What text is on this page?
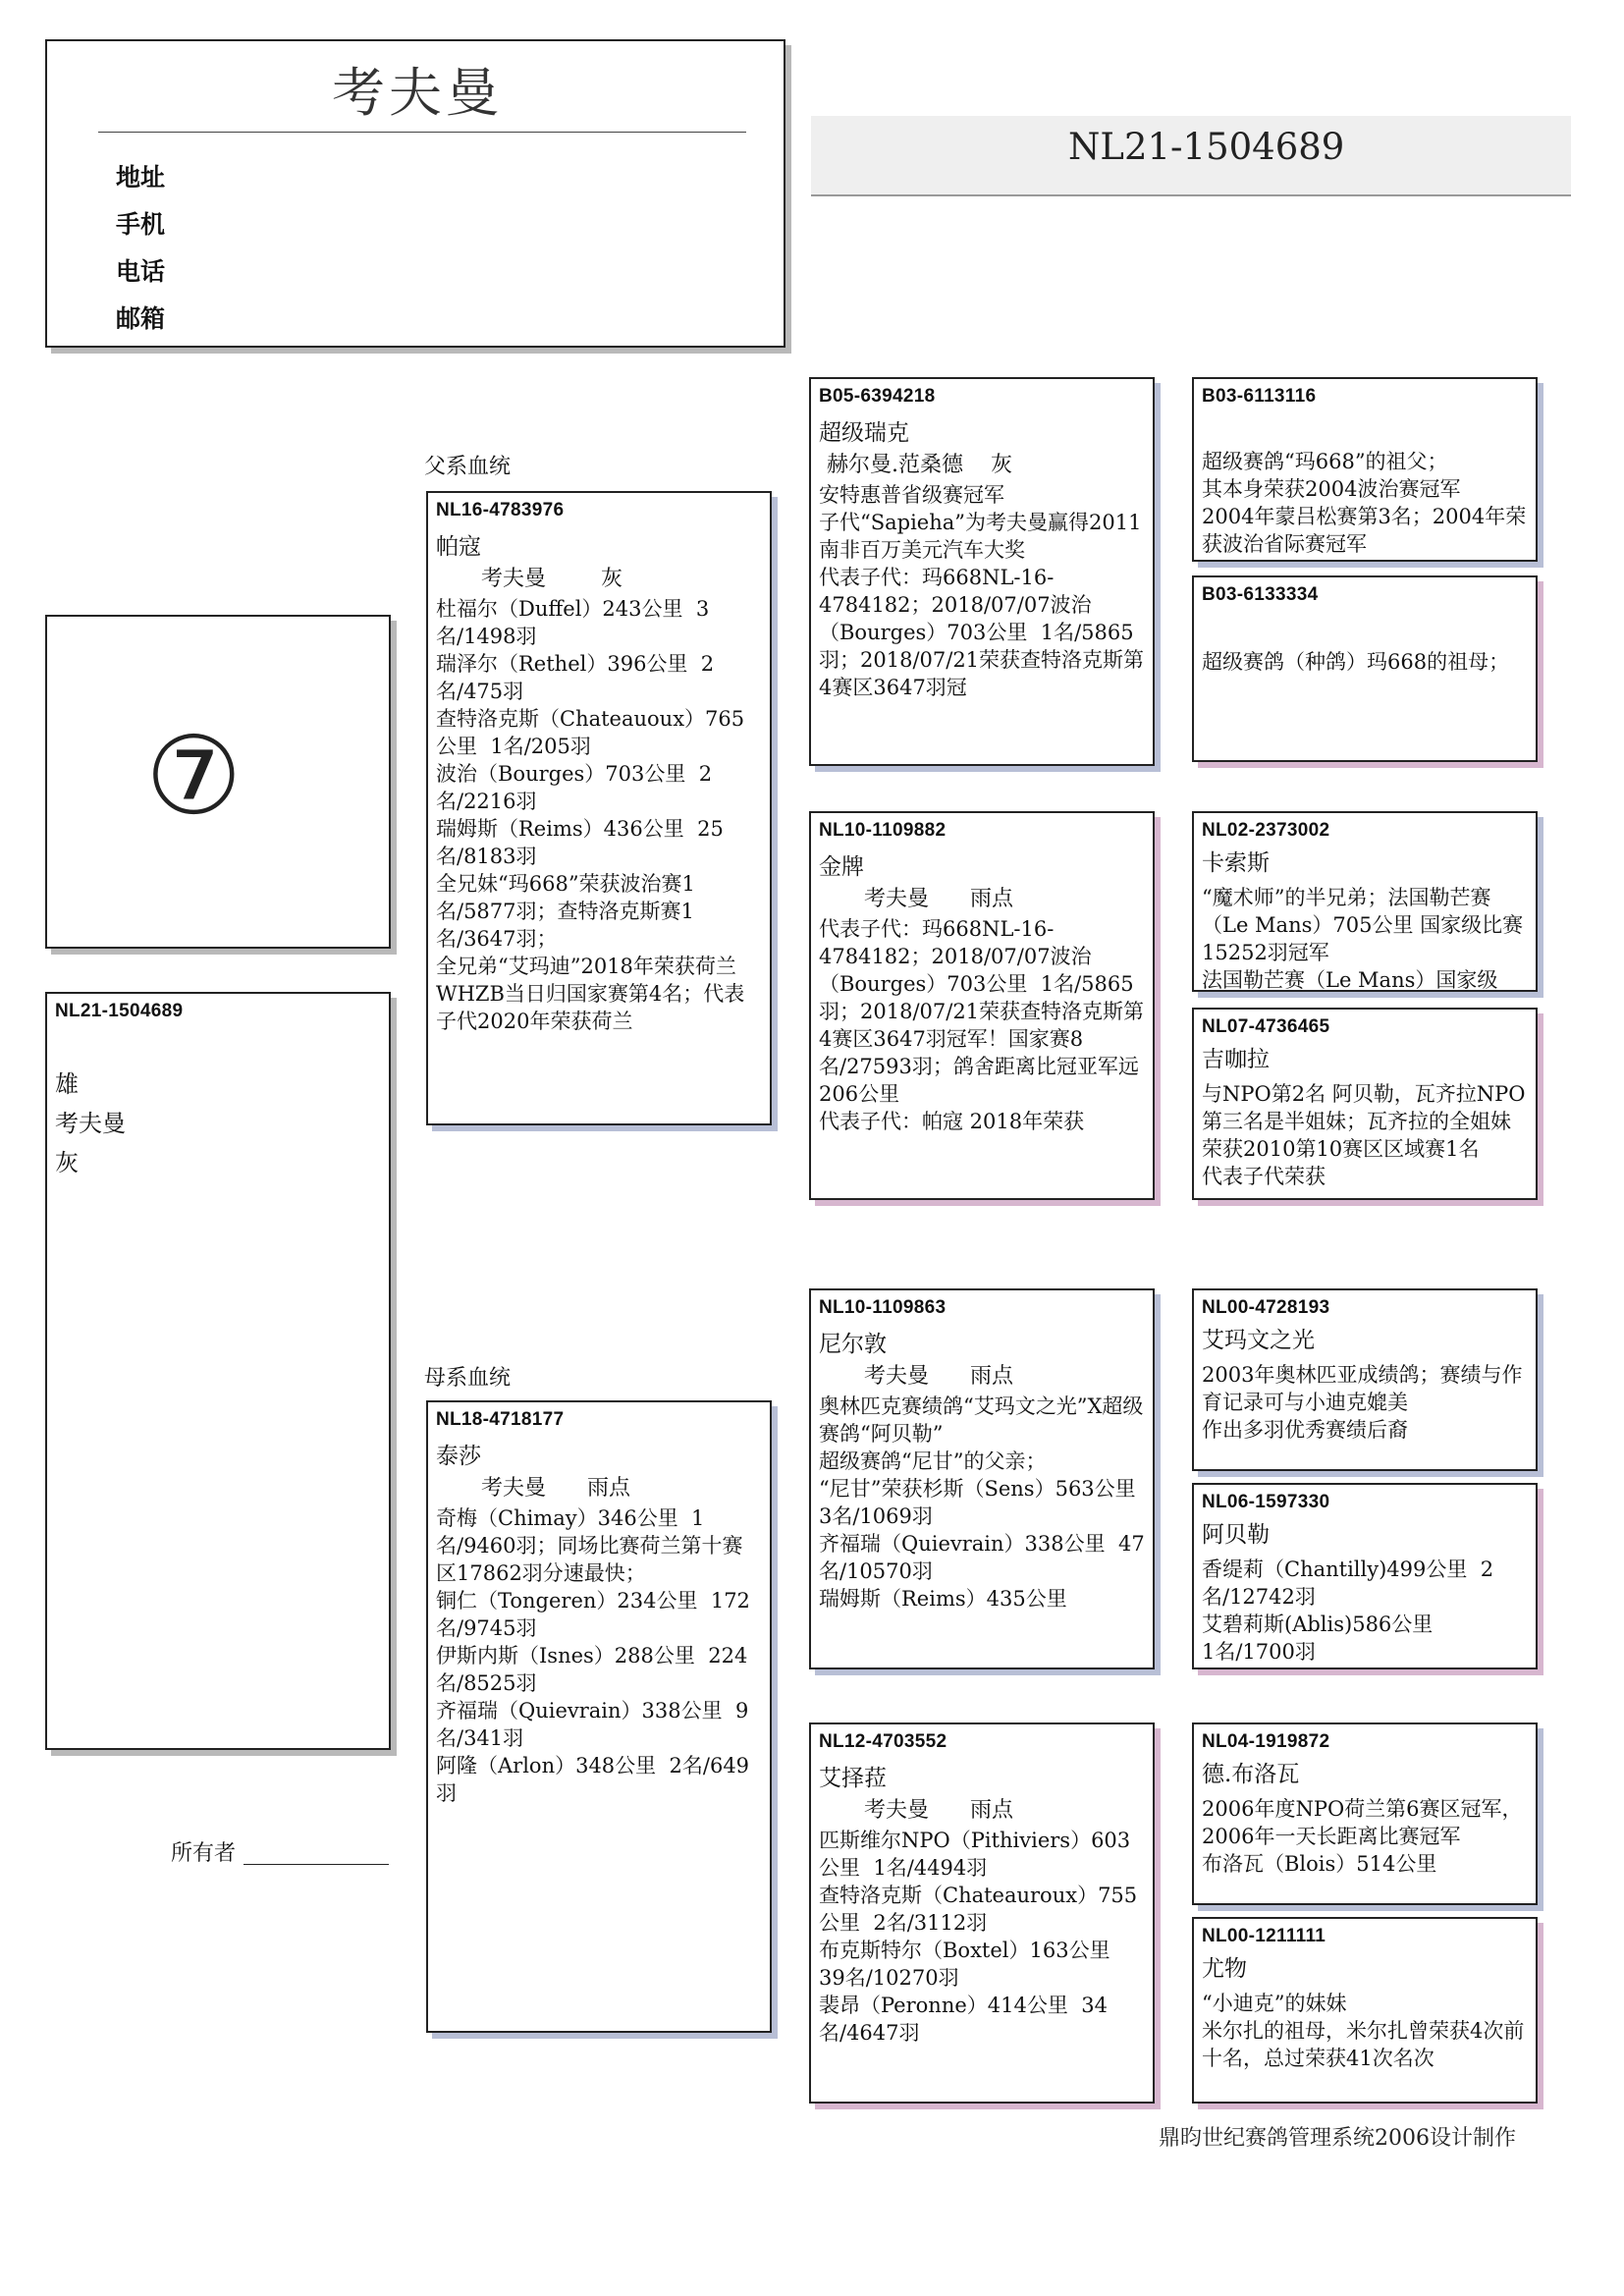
考夫曼
地址
手机
电话
邮箱
NL21-1504689
⑦
NL21-1504689
雄
考夫曼
灰
所有者
父系血统
母系血统
NL16-4783976
帕寇
考夫曼        灰
杜福尔（Duffel）243公里  3名/1498羽
瑞泽尔（Rethel）396公里  2名/475羽
查特洛克斯（Chateauoux）765公里  1名/205羽
波治（Bourges）703公里  2名/2216羽
瑞姆斯（Reims）436公里  25名/8183羽
全兄妹“玛668”荣获波治赛1名/5877羽；查特洛克斯赛1名/3647羽；
全兄弟“艾玛迪”2018年荣获荷兰WHZB当日归国家赛第4名；代表子代2020年荣获荷兰
NL18-4718177
泰莎
考夫曼      雨点
奇梅（Chimay）346公里  1名/9460羽；同场比赛荷兰第十赛区17862羽分速最快；
铜仁（Tongeren）234公里  172名/9745羽
伊斯内斯（Isnes）288公里  224名/8525羽
齐福瑞（Quievrain）338公里  9名/341羽
阿隆（Arlon）348公里  2名/649羽
B05-6394218
超级瑞克
赫尔曼.范桑德    灰
安特惠普省级赛冠军
子代“Sapieha”为考夫曼赢得2011南非百万美元汽车大奖
代表子代：玛668NL-16-4784182；2018/07/07波治（Bourges）703公里  1名/5865羽；2018/07/21荣获查特洛克斯第4赛区3647羽冠
NL10-1109882
金牌
考夫曼      雨点
代表子代：玛668NL-16-4784182；2018/07/07波治（Bourges）703公里  1名/5865羽；2018/07/21荣获查特洛克斯第4赛区3647羽冠军！国家赛8名/27593羽；鸽舍距离比冠亚军远206公里
代表子代：帕寇 2018年荣获
NL10-1109863
尼尔敦
考夫曼      雨点
奥林匹克赛绩鸽“艾玛文之光”X超级赛鸽“阿贝勒”
超级赛鸽“尼甘”的父亲；
“尼甘”荣获杉斯（Sens）563公里  3名/1069羽
齐福瑞（Quievrain）338公里  47名/10570羽
瑞姆斯（Reims）435公里
NL12-4703552
艾择菈
考夫曼      雨点
匹斯维尔NPO（Pithiviers）603公里  1名/4494羽
查特洛克斯（Chateauroux）755公里  2名/3112羽
布克斯特尔（Boxtel）163公里  39名/10270羽
裴昂（Peronne）414公里  34名/4647羽
B03-6113116
超级赛鸽“玛668”的祖父；
其本身荣获2004波治赛冠军
2004年蒙吕松赛第3名；2004年荣获波治省际赛冠军
B03-6133334
超级赛鸽（种鸽）玛668的祖母；
NL02-2373002
卡索斯
“魔术师”的半兄弟；法国勒芒赛（Le Mans）705公里 国家级比赛15252羽冠军
法国勒芒赛（Le Mans）国家级
NL07-4736465
吉咖拉
与NPO第2名 阿贝勒，瓦齐拉NPO第三名是半姐妹；瓦齐拉的全姐妹荣获2010第10赛区区域赛1名
代表子代荣获
NL00-4728193
艾玛文之光
2003年奥林匹亚成绩鸽；赛绩与作育记录可与小迪克媲美
作出多羽优秀赛绩后裔
NL06-1597330
阿贝勒
香缇莉（Chantilly)499公里  2名/12742羽
艾碧莉斯(Ablis)586公里
1名/1700羽
NL04-1919872
德.布洛瓦
2006年度NPO荷兰第6赛区冠军，2006年一天长距离比赛冠军
布洛瓦（Blois）514公里
NL00-1211111
尤物
“小迪克”的妹妹
米尔扎的祖母，米尔扎曾荣获4次前十名，总过荣获41次名次
鼎昀世纪赛鸽管理系统2006设计制作
